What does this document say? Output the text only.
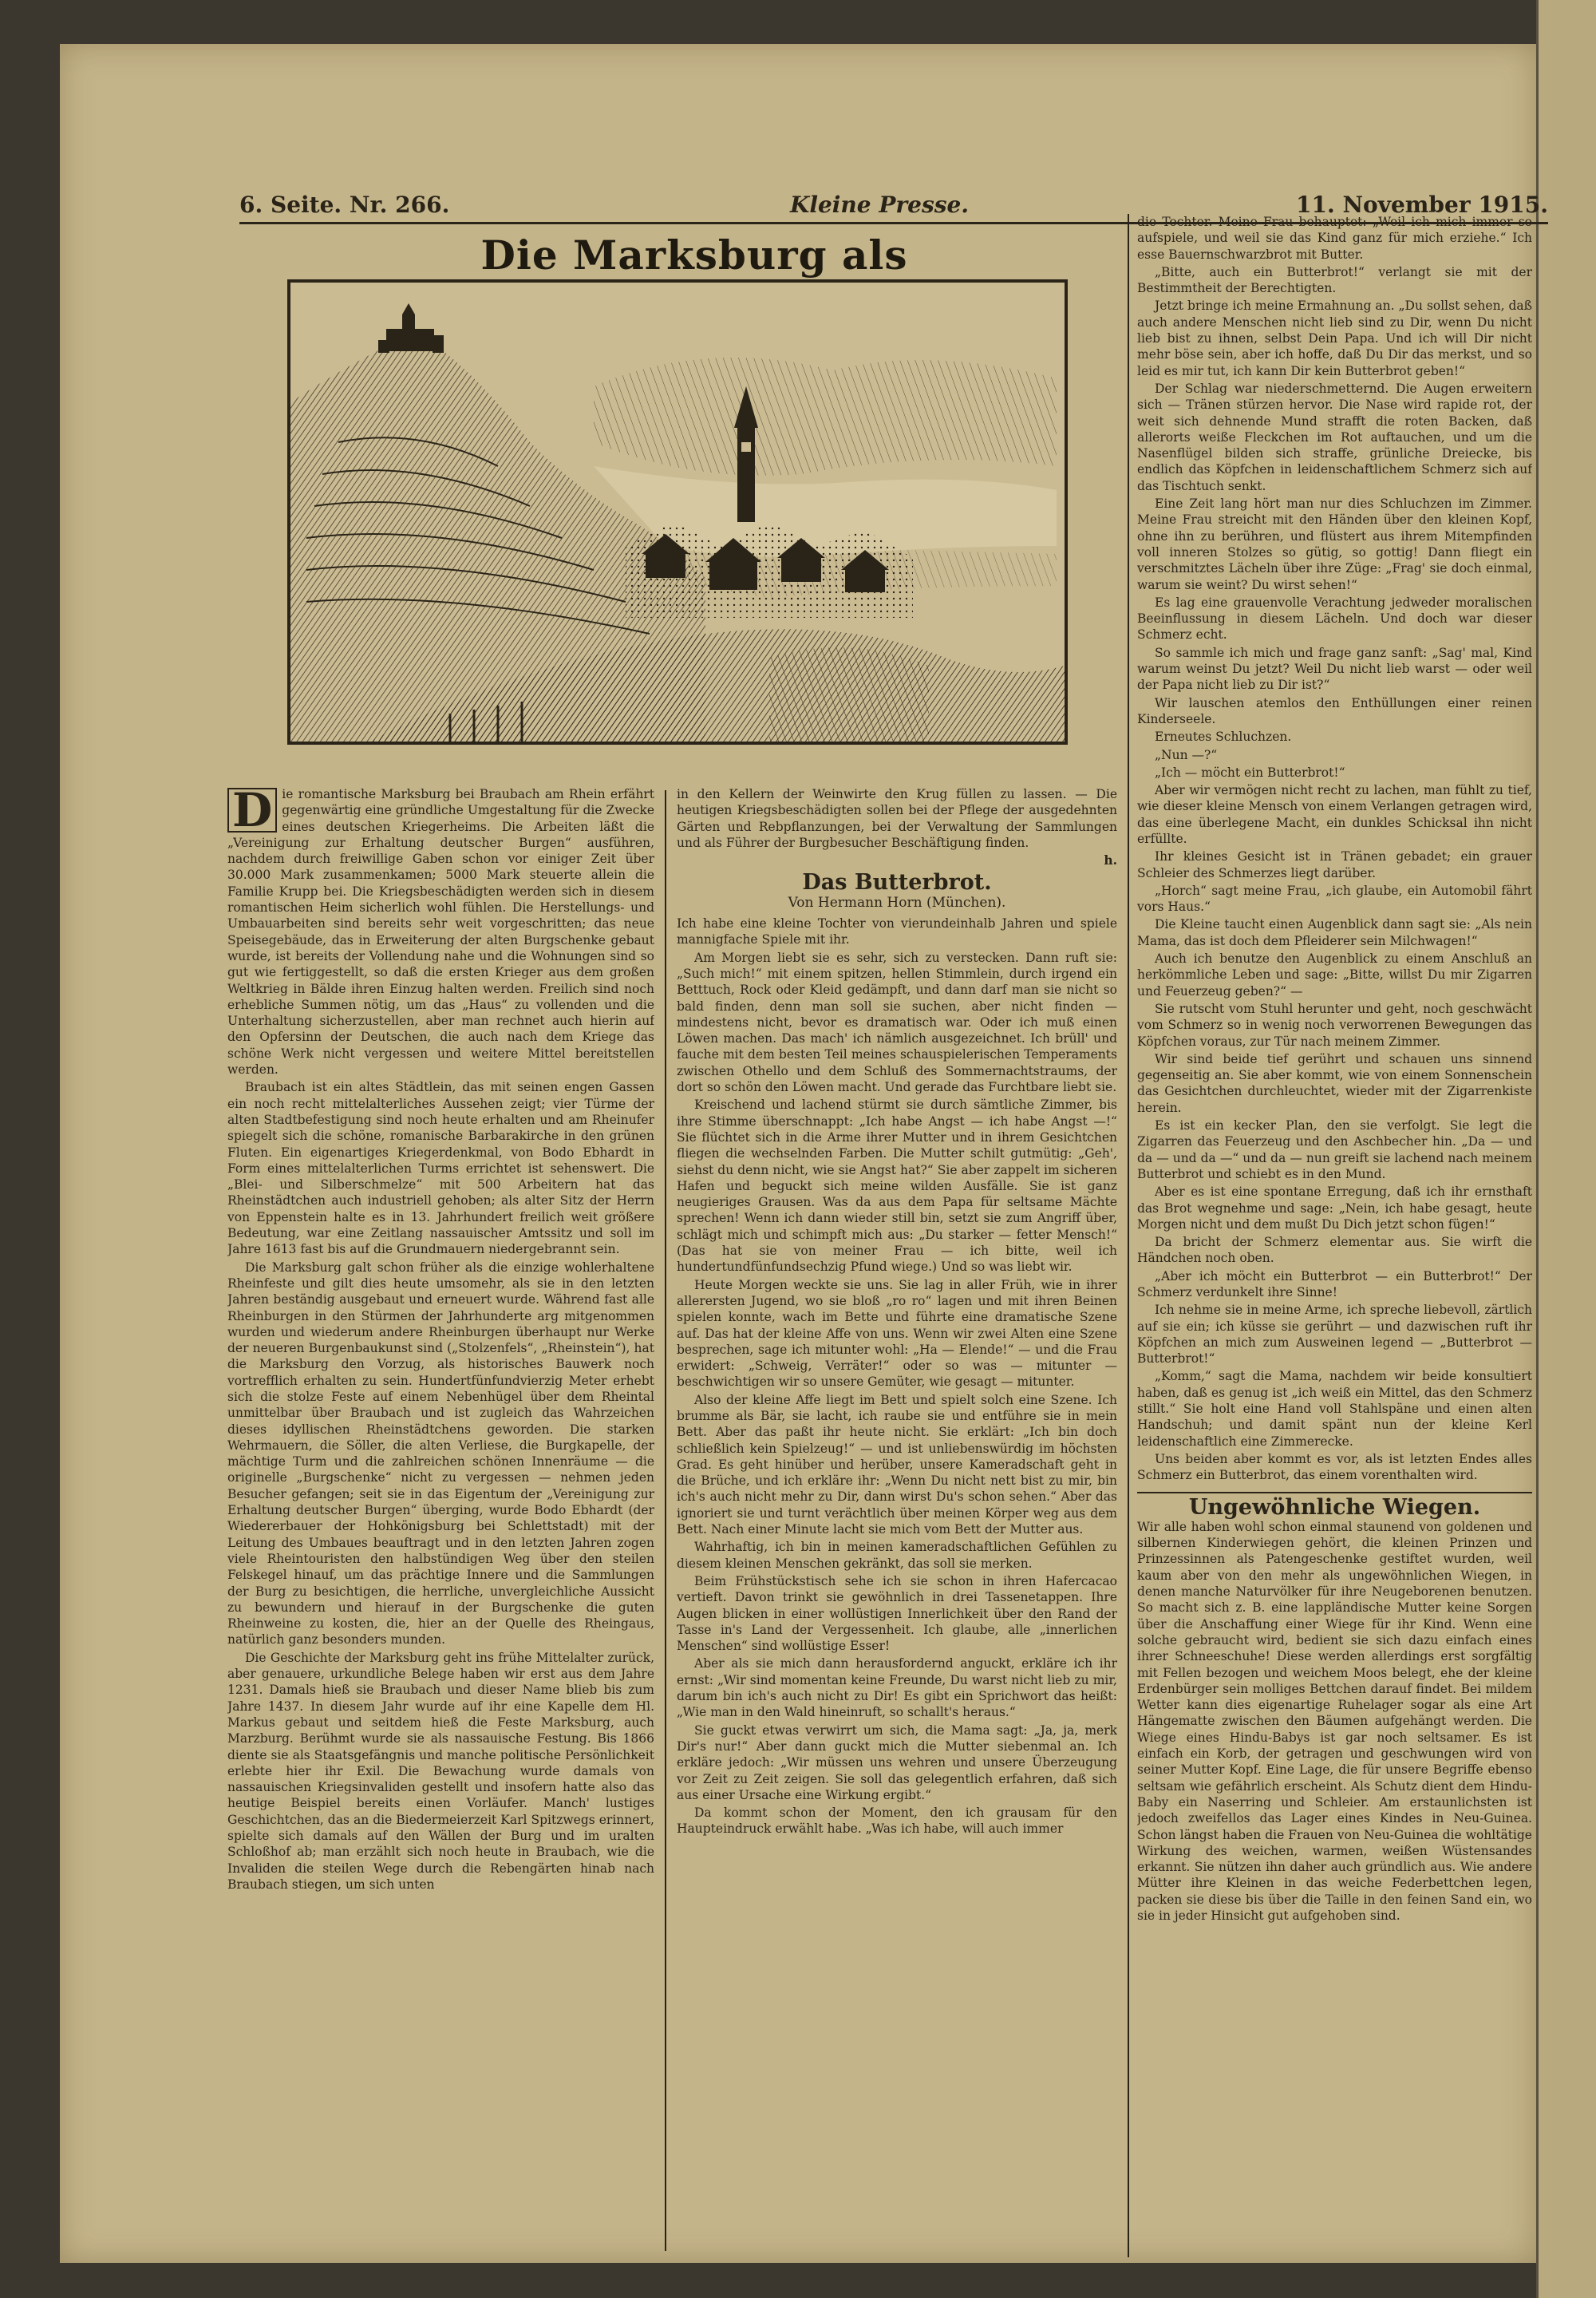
6. Seite. Nr. 266.	Kleine Presse.	11. November 1915.
Die Marksburg als

D ie romantische Marksburg bei Braubach am Rhein erfährt gegenwärtig eine gründliche Umgestaltung für die Zwecke eines deutschen Kriegerheims. Die Arbeiten läßt die „Vereinigung zur Erhaltung deutscher Burgen“ ausführen, nachdem durch freiwillige Gaben schon vor einiger Zeit über 30.000 Mark zusammenkamen; 5000 Mark steuerte allein die Familie Krupp bei. Die Kriegsbeschädigten werden sich in diesem romantischen Heim sicherlich wohl fühlen. Die Herstellungs- und Umbauarbeiten sind bereits sehr weit vorgeschritten; das neue Speisegebäude, das in Erweiterung der alten Burgschenke gebaut wurde, ist bereits der Vollendung nahe und die Wohnungen sind so gut wie fertiggestellt, so daß die ersten Krieger aus dem großen Weltkrieg in Bälde ihren Einzug halten werden. Freilich sind noch erhebliche Summen nötig, um das „Haus“ zu vollenden und die Unterhaltung sicherzustellen, aber man rechnet auch hierin auf den Opfersinn der Deutschen, die auch nach dem Kriege das schöne Werk nicht vergessen und weitere Mittel bereitstellen werden.

Braubach ist ein altes Städtlein, das mit seinen engen Gassen ein noch recht mittelalterliches Aussehen zeigt; vier Türme der alten Stadtbefestigung sind noch heute erhalten und am Rheinufer spiegelt sich die schöne, romanische Barbarakirche in den grünen Fluten. Ein eigenartiges Kriegerdenkmal, von Bodo Ebhardt in Form eines mittelalterlichen Turms errichtet ist sehenswert. Die „Blei- und Silberschmelze“ mit 500 Arbeitern hat das Rheinstädtchen auch industriell gehoben; als alter Sitz der Herrn von Eppenstein halte es in 13. Jahrhundert freilich weit größere Bedeutung, war eine Zeitlang nassauischer Amtssitz und soll im Jahre 1613 fast bis auf die Grundmauern niedergebrannt sein.

Die Marksburg galt schon früher als die einzige wohlerhaltene Rheinfeste und gilt dies heute umsomehr, als sie in den letzten Jahren beständig ausgebaut und erneuert wurde. Während fast alle Rheinburgen in den Stürmen der Jahrhunderte arg mitgenommen wurden und wiederum andere Rheinburgen überhaupt nur Werke der neueren Burgenbaukunst sind („Stolzenfels“, „Rheinstein“), hat die Marksburg den Vorzug, als historisches Bauwerk noch vortrefflich erhalten zu sein. Hundertfünfundvierzig Meter erhebt sich die stolze Feste auf einem Nebenhügel über dem Rheintal unmittelbar über Braubach und ist zugleich das Wahrzeichen dieses idyllischen Rheinstädtchens geworden. Die starken Wehrmauern, die Söller, die alten Verliese, die Burgkapelle, der mächtige Turm und die zahlreichen schönen Innenräume — die originelle „Burgschenke“ nicht zu vergessen — nehmen jeden Besucher gefangen; seit sie in das Eigentum der „Vereinigung zur Erhaltung deutscher Burgen“ überging, wurde Bodo Ebhardt (der Wiedererbauer der Hohkönigsburg bei Schlettstadt) mit der Leitung des Umbaues beauftragt und in den letzten Jahren zogen viele Rheintouristen den halbstündigen Weg über den steilen Felskegel hinauf, um das prächtige Innere und die Sammlungen der Burg zu besichtigen, die herrliche, unvergleichliche Aussicht zu bewundern und hierauf in der Burgschenke die guten Rheinweine zu kosten, die, hier an der Quelle des Rheingaus, natürlich ganz besonders munden.

Die Geschichte der Marksburg geht ins frühe Mittelalter zurück, aber genauere, urkundliche Belege haben wir erst aus dem Jahre 1231. Damals hieß sie Braubach und dieser Name blieb bis zum Jahre 1437. In diesem Jahr wurde auf ihr eine Kapelle dem Hl. Markus gebaut und seitdem hieß die Feste Marksburg, auch Marzburg. Berühmt wurde sie als nassauische Festung. Bis 1866 diente sie als Staatsgefängnis und manche politische Persönlichkeit erlebte hier ihr Exil. Die Bewachung wurde damals von nassauischen Kriegsinvaliden gestellt und insofern hatte also das heutige Beispiel bereits einen Vorläufer. Manch' lustiges Geschichtchen, das an die Biedermeierzeit Karl Spitzwegs erinnert, spielte sich damals auf den Wällen der Burg und im uralten Schloßhof ab; man erzählt sich noch heute in Braubach, wie die Invaliden die steilen Wege durch die Rebengärten hinab nach Braubach stiegen, um sich unten

in den Kellern der Weinwirte den Krug füllen zu lassen. — Die heutigen Kriegsbeschädigten sollen bei der Pflege der ausgedehnten Gärten und Rebpflanzungen, bei der Verwaltung der Sammlungen und als Führer der Burgbesucher Beschäftigung finden.

h.

Das Butterbrot.
Von Hermann Horn (München).

Ich habe eine kleine Tochter von vierundeinhalb Jahren und spiele mannigfache Spiele mit ihr.

Am Morgen liebt sie es sehr, sich zu verstecken. Dann ruft sie: „Such mich!“ mit einem spitzen, hellen Stimmlein, durch irgend ein Betttuch, Rock oder Kleid gedämpft, und dann darf man sie nicht so bald finden, denn man soll sie suchen, aber nicht finden — mindestens nicht, bevor es dramatisch war. Oder ich muß einen Löwen machen. Das mach' ich nämlich ausgezeichnet. Ich brüll' und fauche mit dem besten Teil meines schauspielerischen Temperaments zwischen Othello und dem Schluß des Sommernachtstraums, der dort so schön den Löwen macht. Und gerade das Furchtbare liebt sie.

Kreischend und lachend stürmt sie durch sämtliche Zimmer, bis ihre Stimme überschnappt: „Ich habe Angst — ich habe Angst —!“ Sie flüchtet sich in die Arme ihrer Mutter und in ihrem Gesichtchen fliegen die wechselnden Farben. Die Mutter schilt gutmütig: „Geh', siehst du denn nicht, wie sie Angst hat?“ Sie aber zappelt im sicheren Hafen und beguckt sich meine wilden Ausfälle. Sie ist ganz neugieriges Grausen. Was da aus dem Papa für seltsame Mächte sprechen! Wenn ich dann wieder still bin, setzt sie zum Angriff über, schlägt mich und schimpft mich aus: „Du starker — fetter Mensch!“ (Das hat sie von meiner Frau — ich bitte, weil ich hundertundfünfundsechzig Pfund wiege.) Und so was liebt wir.

Heute Morgen weckte sie uns. Sie lag in aller Früh, wie in ihrer allerersten Jugend, wo sie bloß „ro ro“ lagen und mit ihren Beinen spielen konnte, wach im Bette und führte eine dramatische Szene auf. Das hat der kleine Affe von uns. Wenn wir zwei Alten eine Szene besprechen, sage ich mitunter wohl: „Ha — Elende!“ — und die Frau erwidert: „Schweig, Verräter!“ oder so was — mitunter — beschwichtigen wir so unsere Gemüter, wie gesagt — mitunter.

Also der kleine Affe liegt im Bett und spielt solch eine Szene. Ich brumme als Bär, sie lacht, ich raube sie und entführe sie in mein Bett. Aber das paßt ihr heute nicht. Sie erklärt: „Ich bin doch schließlich kein Spielzeug!“ — und ist unliebenswürdig im höchsten Grad. Es geht hinüber und herüber, unsere Kameradschaft geht in die Brüche, und ich erkläre ihr: „Wenn Du nicht nett bist zu mir, bin ich's auch nicht mehr zu Dir, dann wirst Du's schon sehen.“ Aber das ignoriert sie und turnt verächtlich über meinen Körper weg aus dem Bett. Nach einer Minute lacht sie mich vom Bett der Mutter aus.

Wahrhaftig, ich bin in meinen kameradschaftlichen Gefühlen zu diesem kleinen Menschen gekränkt, das soll sie merken.

Beim Frühstückstisch sehe ich sie schon in ihren Hafercacao vertieft. Davon trinkt sie gewöhnlich in drei Tassenetappen. Ihre Augen blicken in einer wollüstigen Innerlichkeit über den Rand der Tasse in's Land der Vergessenheit. Ich glaube, alle „innerlichen Menschen“ sind wollüstige Esser!

Aber als sie mich dann herausfordernd anguckt, erkläre ich ihr ernst: „Wir sind momentan keine Freunde, Du warst nicht lieb zu mir, darum bin ich's auch nicht zu Dir! Es gibt ein Sprichwort das heißt: „Wie man in den Wald hineinruft, so schallt's heraus.“

Sie guckt etwas verwirrt um sich, die Mama sagt: „Ja, ja, merk Dir's nur!“ Aber dann guckt mich die Mutter siebenmal an. Ich erkläre jedoch: „Wir müssen uns wehren und unsere Überzeugung vor Zeit zu Zeit zeigen. Sie soll das gelegentlich erfahren, daß sich aus einer Ursache eine Wirkung ergibt.“

Da kommt schon der Moment, den ich grausam für den Haupteindruck erwählt habe. „Was ich habe, will auch immer

die Tochter. Meine Frau behauptet: „Weil ich mich immer so aufspiele, und weil sie das Kind ganz für mich erziehe.“ Ich esse Bauernschwarzbrot mit Butter.

„Bitte, auch ein Butterbrot!“ verlangt sie mit der Bestimmtheit der Berechtigten.

Jetzt bringe ich meine Ermahnung an. „Du sollst sehen, daß auch andere Menschen nicht lieb sind zu Dir, wenn Du nicht lieb bist zu ihnen, selbst Dein Papa. Und ich will Dir nicht mehr böse sein, aber ich hoffe, daß Du Dir das merkst, und so leid es mir tut, ich kann Dir kein Butterbrot geben!“

Der Schlag war niederschmetternd. Die Augen erweitern sich — Tränen stürzen hervor. Die Nase wird rapide rot, der weit sich dehnende Mund strafft die roten Backen, daß allerorts weiße Fleckchen im Rot auftauchen, und um die Nasenflügel bilden sich straffe, grünliche Dreiecke, bis endlich das Köpfchen in leidenschaftlichem Schmerz sich auf das Tischtuch senkt.

Eine Zeit lang hört man nur dies Schluchzen im Zimmer. Meine Frau streicht mit den Händen über den kleinen Kopf, ohne ihn zu berühren, und flüstert aus ihrem Mitempfinden voll inneren Stolzes so gütig, so gottig! Dann fliegt ein verschmitztes Lächeln über ihre Züge: „Frag' sie doch einmal, warum sie weint? Du wirst sehen!“

Es lag eine grauenvolle Verachtung jedweder moralischen Beeinflussung in diesem Lächeln. Und doch war dieser Schmerz echt.

So sammle ich mich und frage ganz sanft: „Sag' mal, Kind warum weinst Du jetzt? Weil Du nicht lieb warst — oder weil der Papa nicht lieb zu Dir ist?“

Wir lauschen atemlos den Enthüllungen einer reinen Kinderseele.

Erneutes Schluchzen.

„Nun —?“

„Ich — möcht ein Butterbrot!“

Aber wir vermögen nicht recht zu lachen, man fühlt zu tief, wie dieser kleine Mensch von einem Verlangen getragen wird, das eine überlegene Macht, ein dunkles Schicksal ihn nicht erfüllte.

Ihr kleines Gesicht ist in Tränen gebadet; ein grauer Schleier des Schmerzes liegt darüber.

„Horch“ sagt meine Frau, „ich glaube, ein Automobil fährt vors Haus.“

Die Kleine taucht einen Augenblick dann sagt sie: „Als nein Mama, das ist doch dem Pfleiderer sein Milchwagen!“

Auch ich benutze den Augenblick zu einem Anschluß an herkömmliche Leben und sage: „Bitte, willst Du mir Zigarren und Feuerzeug geben?“ —

Sie rutscht vom Stuhl herunter und geht, noch geschwächt vom Schmerz so in wenig noch verworrenen Bewegungen das Köpfchen voraus, zur Tür nach meinem Zimmer.

Wir sind beide tief gerührt und schauen uns sinnend gegenseitig an. Sie aber kommt, wie von einem Sonnenschein das Gesichtchen durchleuchtet, wieder mit der Zigarrenkiste herein.

Es ist ein kecker Plan, den sie verfolgt. Sie legt die Zigarren das Feuerzeug und den Aschbecher hin. „Da — und da — und da —“ und da — nun greift sie lachend nach meinem Butterbrot und schiebt es in den Mund.

Aber es ist eine spontane Erregung, daß ich ihr ernsthaft das Brot wegnehme und sage: „Nein, ich habe gesagt, heute Morgen nicht und dem mußt Du Dich jetzt schon fügen!“

Da bricht der Schmerz elementar aus. Sie wirft die Händchen noch oben.

„Aber ich möcht ein Butterbrot — ein Butterbrot!“ Der Schmerz verdunkelt ihre Sinne!

Ich nehme sie in meine Arme, ich spreche liebevoll, zärtlich auf sie ein; ich küsse sie gerührt — und dazwischen ruft ihr Köpfchen an mich zum Ausweinen legend — „Butterbrot — Butterbrot!“

„Komm,“ sagt die Mama, nachdem wir beide konsultiert haben, daß es genug ist „ich weiß ein Mittel, das den Schmerz stillt.“ Sie holt eine Hand voll Stahlspäne und einen alten Handschuh; und damit spänt nun der kleine Kerl leidenschaftlich eine Zimmerecke.

Uns beiden aber kommt es vor, als ist letzten Endes alles Schmerz ein Butterbrot, das einem vorenthalten wird.

Ungewöhnliche Wiegen.

Wir alle haben wohl schon einmal staunend von goldenen und silbernen Kinderwiegen gehört, die kleinen Prinzen und Prinzessinnen als Patengeschenke gestiftet wurden, weil kaum aber von den mehr als ungewöhnlichen Wiegen, in denen manche Naturvölker für ihre Neugeborenen benutzen. So macht sich z. B. eine lappländische Mutter keine Sorgen über die Anschaffung einer Wiege für ihr Kind. Wenn eine solche gebraucht wird, bedient sie sich dazu einfach eines ihrer Schneeschuhe! Diese werden allerdings erst sorgfältig mit Fellen bezogen und weichem Moos belegt, ehe der kleine Erdenbürger sein molliges Bettchen darauf findet. Bei mildem Wetter kann dies eigenartige Ruhelager sogar als eine Art Hängematte zwischen den Bäumen aufgehängt werden. Die Wiege eines Hindu-Babys ist gar noch seltsamer. Es ist einfach ein Korb, der getragen und geschwungen wird von seiner Mutter Kopf. Eine Lage, die für unsere Begriffe ebenso seltsam wie gefährlich erscheint. Als Schutz dient dem Hindu-Baby ein Naserring und Schleier. Am erstaunlichsten ist jedoch zweifellos das Lager eines Kindes in Neu-Guinea. Schon längst haben die Frauen von Neu-Guinea die wohltätige Wirkung des weichen, warmen, weißen Wüstensandes erkannt. Sie nützen ihn daher auch gründlich aus. Wie andere Mütter ihre Kleinen in das weiche Federbettchen legen, packen sie diese bis über die Taille in den feinen Sand ein, wo sie in jeder Hinsicht gut aufgehoben sind.
